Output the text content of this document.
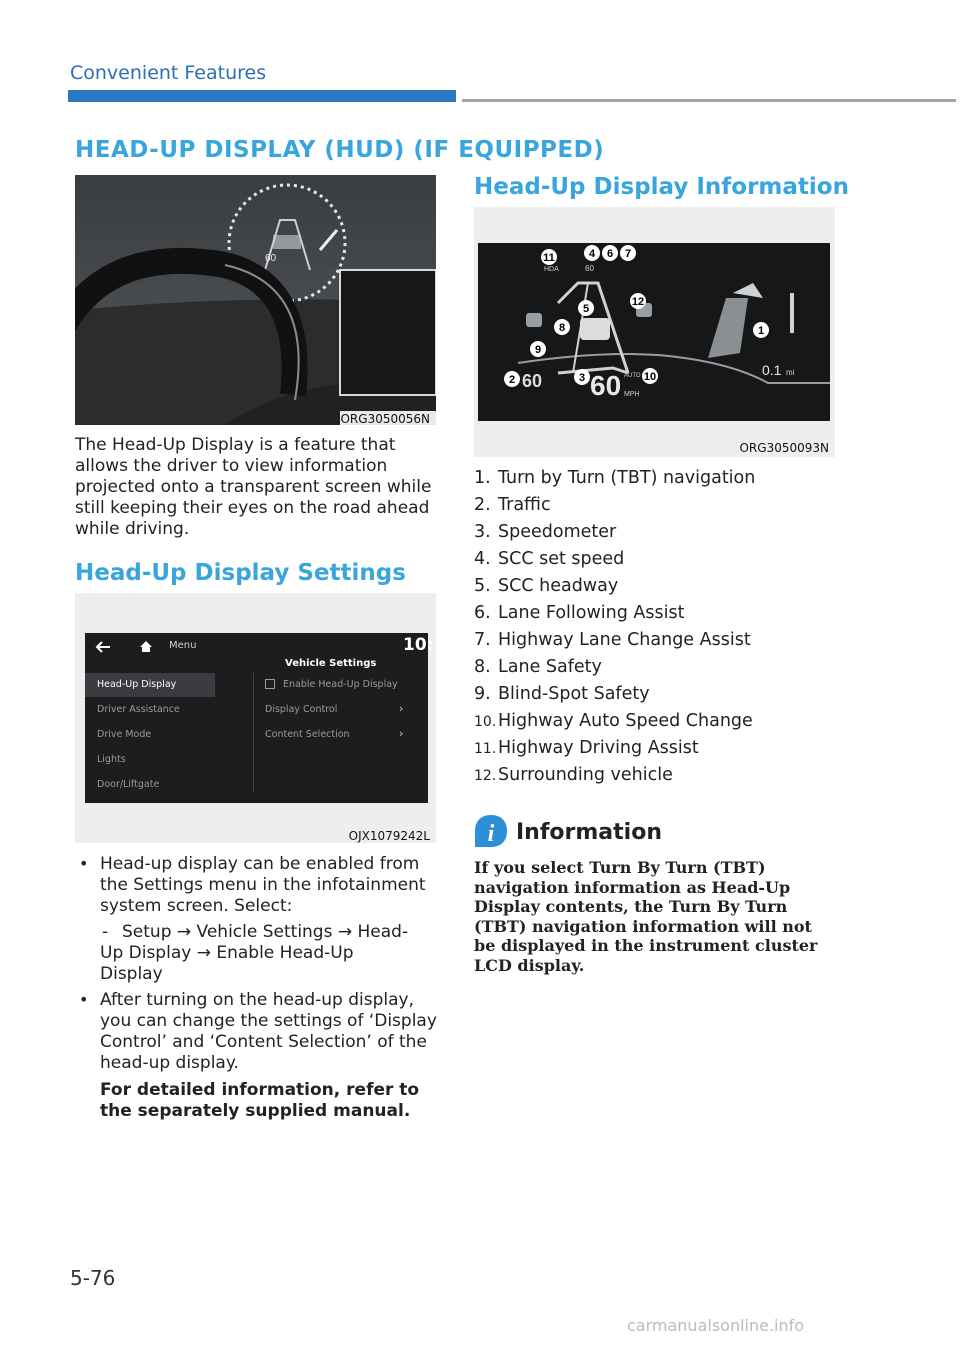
Convenient Features
HEAD-UP DISPLAY (HUD) (IF EQUIPPED)
60
ORG3050056N
The Head-Up Display is a feature that allows the driver to view information projected onto a transparent screen while still keeping their eyes on the road ahead while driving.
Head-Up Display Settings
Menu	10:
Vehicle Settings
Head-Up Display
Driver Assistance
Drive Mode
Lights
Door/Liftgate
Enable Head-Up Display
Display Control	›
Content Selection	›
OJX1079242L
• Head-up display can be enabled from the Settings menu in the infotainment system screen. Select:
- Setup → Vehicle Settings → Head-Up Display → Enable Head-Up Display
• After turning on the head-up display, you can change the settings of ‘Display Control’ and ‘Content Selection’ of the head-up display.
For detailed information, refer to the separately supplied manual.
Head-Up Display Information
11	4 6 7
5
12
8
9
1
2	3	10
HDA	60
60 60 AUTO
MPH
0.1 mi
ORG3050093N
1. Turn by Turn (TBT) navigation
2. Traffic
3. Speedometer
4. SCC set speed
5. SCC headway
6. Lane Following Assist
7. Highway Lane Change Assist
8. Lane Safety
9. Blind-Spot Safety
10.Highway Auto Speed Change
11.Highway Driving Assist
12.Surrounding vehicle
i Information
If you select Turn By Turn (TBT) navigation information as Head-Up Display contents, the Turn By Turn (TBT) navigation information will not be displayed in the instrument cluster LCD display.
5-76
carmanualsonline.info
